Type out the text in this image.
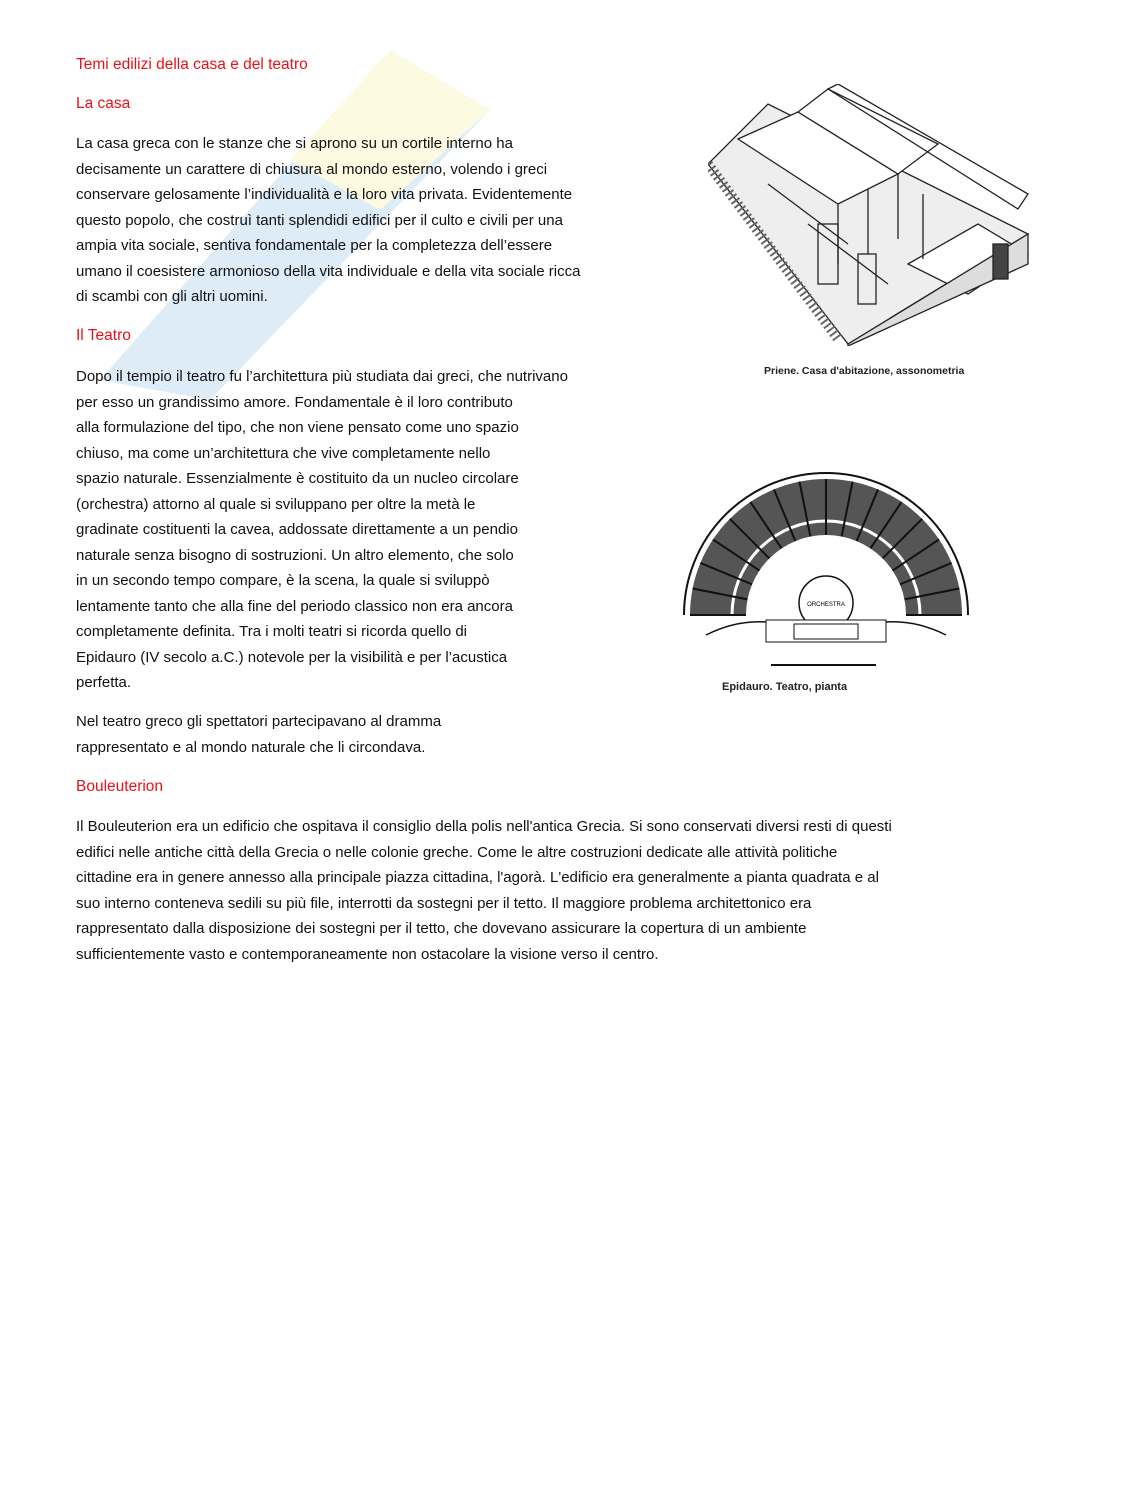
Temi edilizi della casa e del teatro
La casa
La casa greca con le stanze che si aprono su un cortile interno ha
decisamente un carattere di chiusura al mondo esterno, volendo i greci
conservare gelosamente l’individualità e la loro vita privata. Evidentemente
questo popolo, che costruì tanti splendidi edifici per il culto e civili per una
ampia vita sociale, sentiva fondamentale per la completezza dell’essere
umano il coesistere armonioso della vita individuale e della vita sociale ricca
di scambi con gli altri uomini.
Il Teatro
Dopo il tempio il teatro fu l’architettura più studiata dai greci, che nutrivano
per esso un grandissimo amore. Fondamentale è il loro contributo
alla formulazione del tipo, che non viene pensato come uno spazio
chiuso, ma come un’architettura che vive completamente nello
spazio naturale. Essenzialmente è costituito da un nucleo circolare
(orchestra) attorno al quale si sviluppano per oltre la metà le
gradinate costituenti la cavea, addossate direttamente a un pendio
naturale senza bisogno di sostruzioni. Un altro elemento, che solo
in un secondo tempo compare, è la scena, la quale si sviluppò
lentamente tanto che alla fine del periodo classico non era ancora
completamente definita. Tra i molti teatri si ricorda quello di
Epidauro (IV secolo a.C.) notevole per la visibilità e per l’acustica
perfetta.
Nel teatro greco gli spettatori partecipavano al dramma
rappresentato e al mondo naturale che li circondava.
Bouleuterion
Il Bouleuterion era un edificio che ospitava il consiglio della polis nell'antica Grecia. Si sono conservati diversi resti di questi
edifici nelle antiche città della Grecia o nelle colonie greche. Come le altre costruzioni dedicate alle attività politiche
cittadine era in genere annesso alla principale piazza cittadina, l'agorà. L'edificio era generalmente a pianta quadrata e al
suo interno conteneva sedili su più file, interrotti da sostegni per il tetto. Il maggiore problema architettonico era
rappresentato dalla disposizione dei sostegni per il tetto, che dovevano assicurare la copertura di un ambiente
sufficientemente vasto e contemporaneamente non ostacolare la visione verso il centro.
Priene. Casa d'abitazione, assonometria
ORCHESTRA
Epidauro. Teatro, pianta
